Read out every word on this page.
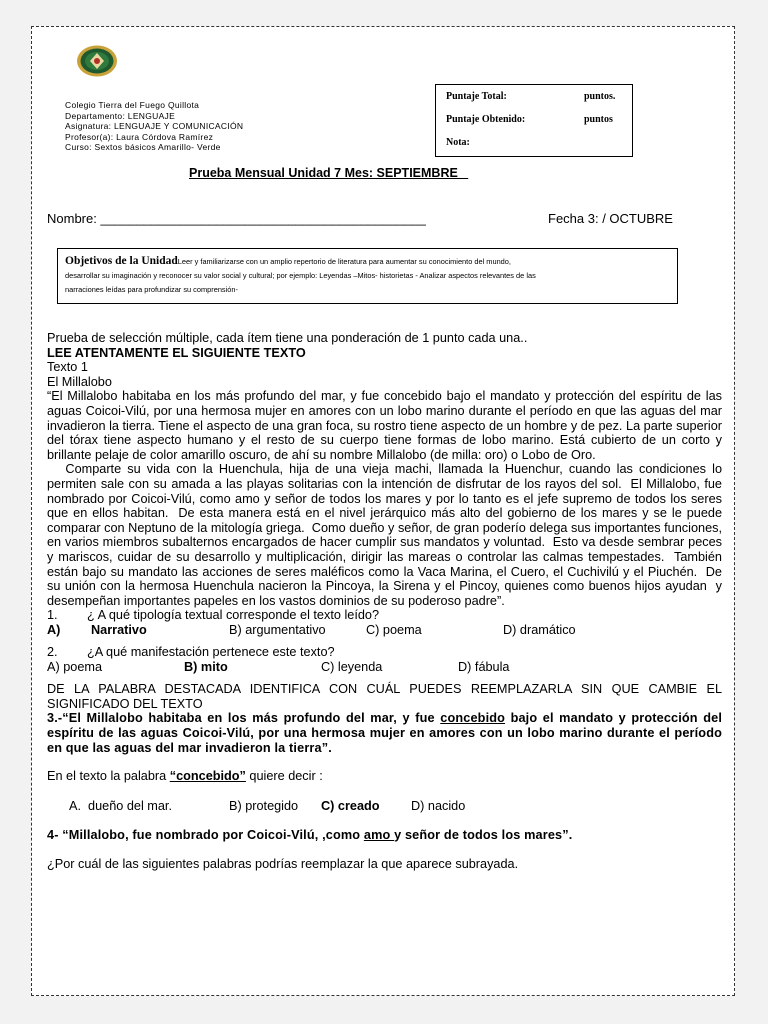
Colegio Tierra del Fuego Quillota
Departamento: LENGUAJE
Asignatura: LENGUAJE Y COMUNICACIÓN
Profesor(a): Laura Córdova Ramírez
Curso: Sextos básicos Amarillo- Verde
Puntaje Total:	puntos.
Puntaje Obtenido:	puntos
Nota:
Prueba Mensual Unidad 7 Mes: SEPTIEMBRE
Nombre: _____________________________________________	Fecha 3: / OCTUBRE

Objetivos de la UnidadLeer y familiarizarse con un amplio repertorio de literatura para aumentar su conocimiento del mundo,

desarrollar su imaginación y reconocer su valor social y cultural; por ejemplo: Leyendas –Mitos- historietas - Analizar aspectos relevantes de las

narraciones leídas para profundizar su comprensión-

Prueba de selección múltiple, cada ítem tiene una ponderación de 1 punto cada una..

LEE ATENTAMENTE EL SIGUIENTE TEXTO

Texto 1

El Millalobo

“El Millalobo habitaba en los más profundo del mar, y fue concebido bajo el mandato y protección del espíritu de las aguas Coicoi-Vilú, por una hermosa mujer en amores con un lobo marino durante el período en que las aguas del mar invadieron la tierra. Tiene el aspecto de una gran foca, su rostro tiene aspecto de un hombre y de pez. La parte superior del tórax tiene aspecto humano y el resto de su cuerpo tiene formas de lobo marino. Está cubierto de un corto y brillante pelaje de color amarillo oscuro, de ahí su nombre Millalobo (de milla: oro) o Lobo de Oro.

Comparte su vida con la Huenchula, hija de una vieja machi, llamada la Huenchur, cuando las condiciones lo permiten sale con su amada a las playas solitarias con la intención de disfrutar de los rayos del sol.  El Millalobo, fue nombrado por Coicoi-Vilú, como amo y señor de todos los mares y por lo tanto es el jefe supremo de todos los seres que en ellos habitan.  De esta manera está en el nivel jerárquico más alto del gobierno de los mares y se le puede comparar con Neptuno de la mitología griega.  Como dueño y señor, de gran poderío delega sus importantes funciones, en varios miembros subalternos encargados de hacer cumplir sus mandatos y voluntad.  Esto va desde sembrar peces y mariscos, cuidar de su desarrollo y multiplicación, dirigir las mareas o controlar las calmas tempestades.  También están bajo su mandato las acciones de seres maléficos como la Vaca Marina, el Cuero, el Cuchivilú y el Piuchén.  De su unión con la hermosa Huenchula nacieron la Pincoya, la Sirena y el Pincoy, quienes como buenos hijos ayudan  y desempeñan importantes papeles en los vastos dominios de su poderoso padre”.

1. ¿ A qué tipología textual corresponde el texto leído?
A) Narrativo	B) argumentativo	C) poema	D) dramático
2. ¿A qué manifestación pertenece este texto?
A) poema	B) mito	C) leyenda	D) fábula

DE LA PALABRA DESTACADA IDENTIFICA CON CUÁL PUEDES REEMPLAZARLA SIN QUE CAMBIE EL SIGNIFICADO DEL TEXTO

3.-“El Millalobo habitaba en los más profundo del mar, y fue concebido bajo el mandato y protección del espíritu de las aguas Coicoi-Vilú, por una hermosa mujer en amores con un lobo marino durante el período en que las aguas del mar invadieron la tierra”.

En el texto la palabra “concebido” quiere decir :

A.  dueño del mar.	B) protegido C) creado D) nacido

4- “Millalobo, fue nombrado por Coicoi-Vilú, ,como amo y señor de todos los mares”.

¿Por cuál de las siguientes palabras podrías reemplazar la que aparece subrayada.
